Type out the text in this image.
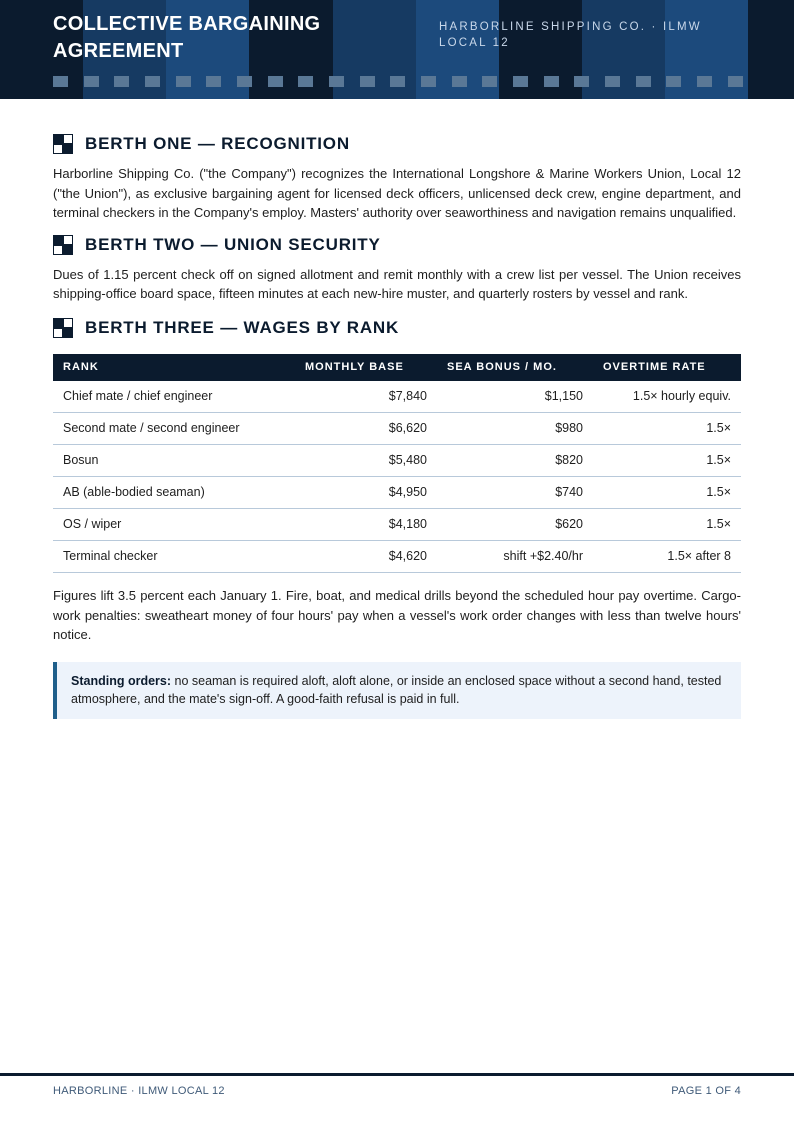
COLLECTIVE BARGAINING AGREEMENT
HARBORLINE SHIPPING CO. · ILMW LOCAL 12
BERTH ONE — RECOGNITION

Harborline Shipping Co. ("the Company") recognizes the International Longshore & Marine Workers Union, Local 12 ("the Union"), as exclusive bargaining agent for licensed deck officers, unlicensed deck crew, engine department, and terminal checkers in the Company's employ. Masters' authority over seaworthiness and navigation remains unqualified.

BERTH TWO — UNION SECURITY

Dues of 1.15 percent check off on signed allotment and remit monthly with a crew list per vessel. The Union receives shipping-office board space, fifteen minutes at each new-hire muster, and quarterly rosters by vessel and rank.

BERTH THREE — WAGES BY RANK
RANK	MONTHLY BASE	SEA BONUS / MO.	OVERTIME RATE
Chief mate / chief engineer	$7,840	$1,150	1.5× hourly equiv.
Second mate / second engineer	$6,620	$980	1.5×
Bosun	$5,480	$820	1.5×
AB (able-bodied seaman)	$4,950	$740	1.5×
OS / wiper	$4,180	$620	1.5×
Terminal checker	$4,620	shift +$2.40/hr	1.5× after 8

Figures lift 3.5 percent each January 1. Fire, boat, and medical drills beyond the scheduled hour pay overtime. Cargo-work penalties: sweatheart money of four hours' pay when a vessel's work order changes with less than twelve hours' notice.

Standing orders: no seaman is required aloft, aloft alone, or inside an enclosed space without a second hand, tested atmosphere, and the mate's sign-off. A good-faith refusal is paid in full.
HARBORLINE · ILMW LOCAL 12	PAGE 1 OF 4
